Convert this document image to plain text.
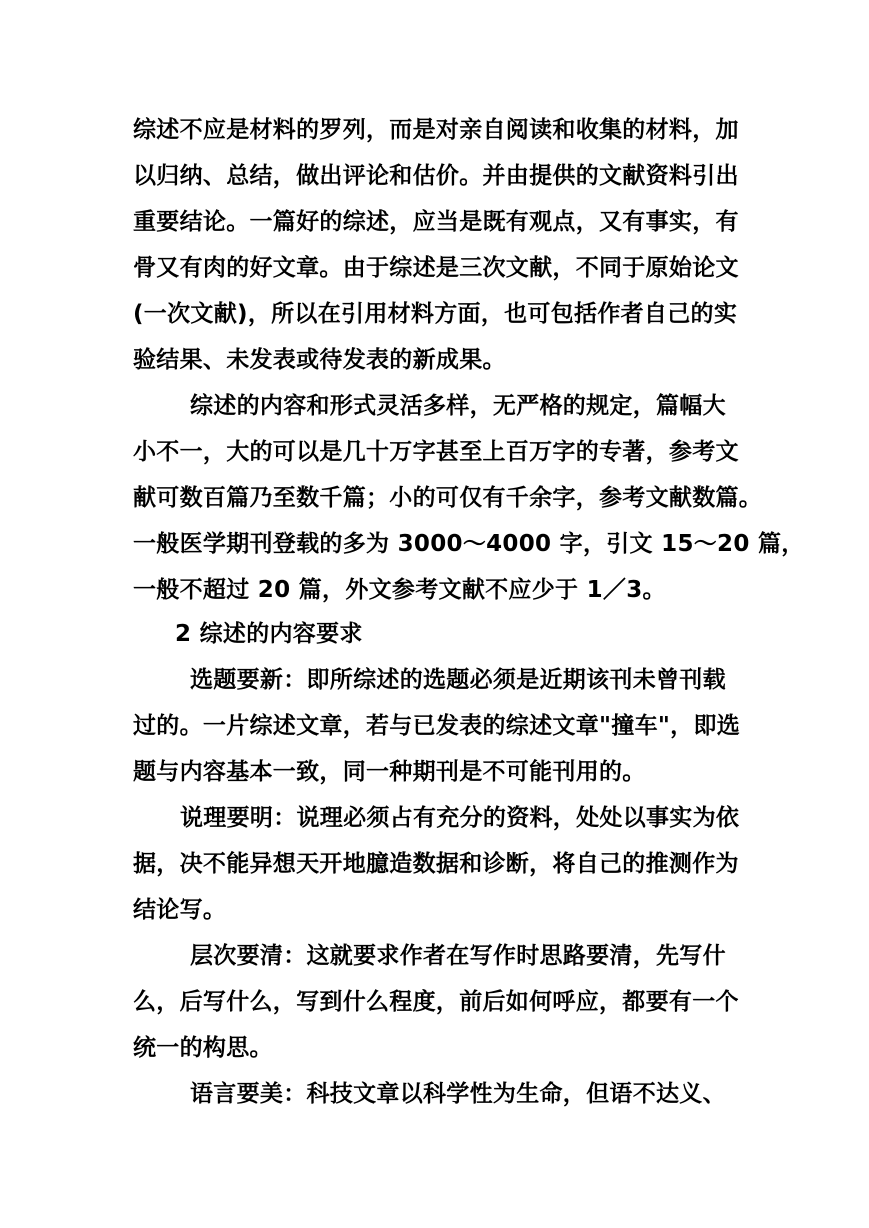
综述不应是材料的罗列，而是对亲自阅读和收集的材料，加
以归纳、总结，做出评论和估价。并由提供的文献资料引出
重要结论。一篇好的综述，应当是既有观点，又有事实，有
骨又有肉的好文章。由于综述是三次文献，不同于原始论文
(一次文献)，所以在引用材料方面，也可包括作者自己的实
验结果、未发表或待发表的新成果。
综述的内容和形式灵活多样，无严格的规定，篇幅大
小不一，大的可以是几十万字甚至上百万字的专著，参考文
献可数百篇乃至数千篇；小的可仅有千余字，参考文献数篇。
一般医学期刊登载的多为 3000～4000 字，引文 15～20 篇，
一般不超过 20 篇，外文参考文献不应少于 1／3。
2 综述的内容要求
选题要新：即所综述的选题必须是近期该刊未曾刊载
过的。一片综述文章，若与已发表的综述文章"撞车"，即选
题与内容基本一致，同一种期刊是不可能刊用的。
说理要明：说理必须占有充分的资料，处处以事实为依
据，决不能异想天开地臆造数据和诊断，将自己的推测作为
结论写。
层次要清：这就要求作者在写作时思路要清，先写什
么，后写什么，写到什么程度，前后如何呼应，都要有一个
统一的构思。
语言要美：科技文章以科学性为生命，但语不达义、
